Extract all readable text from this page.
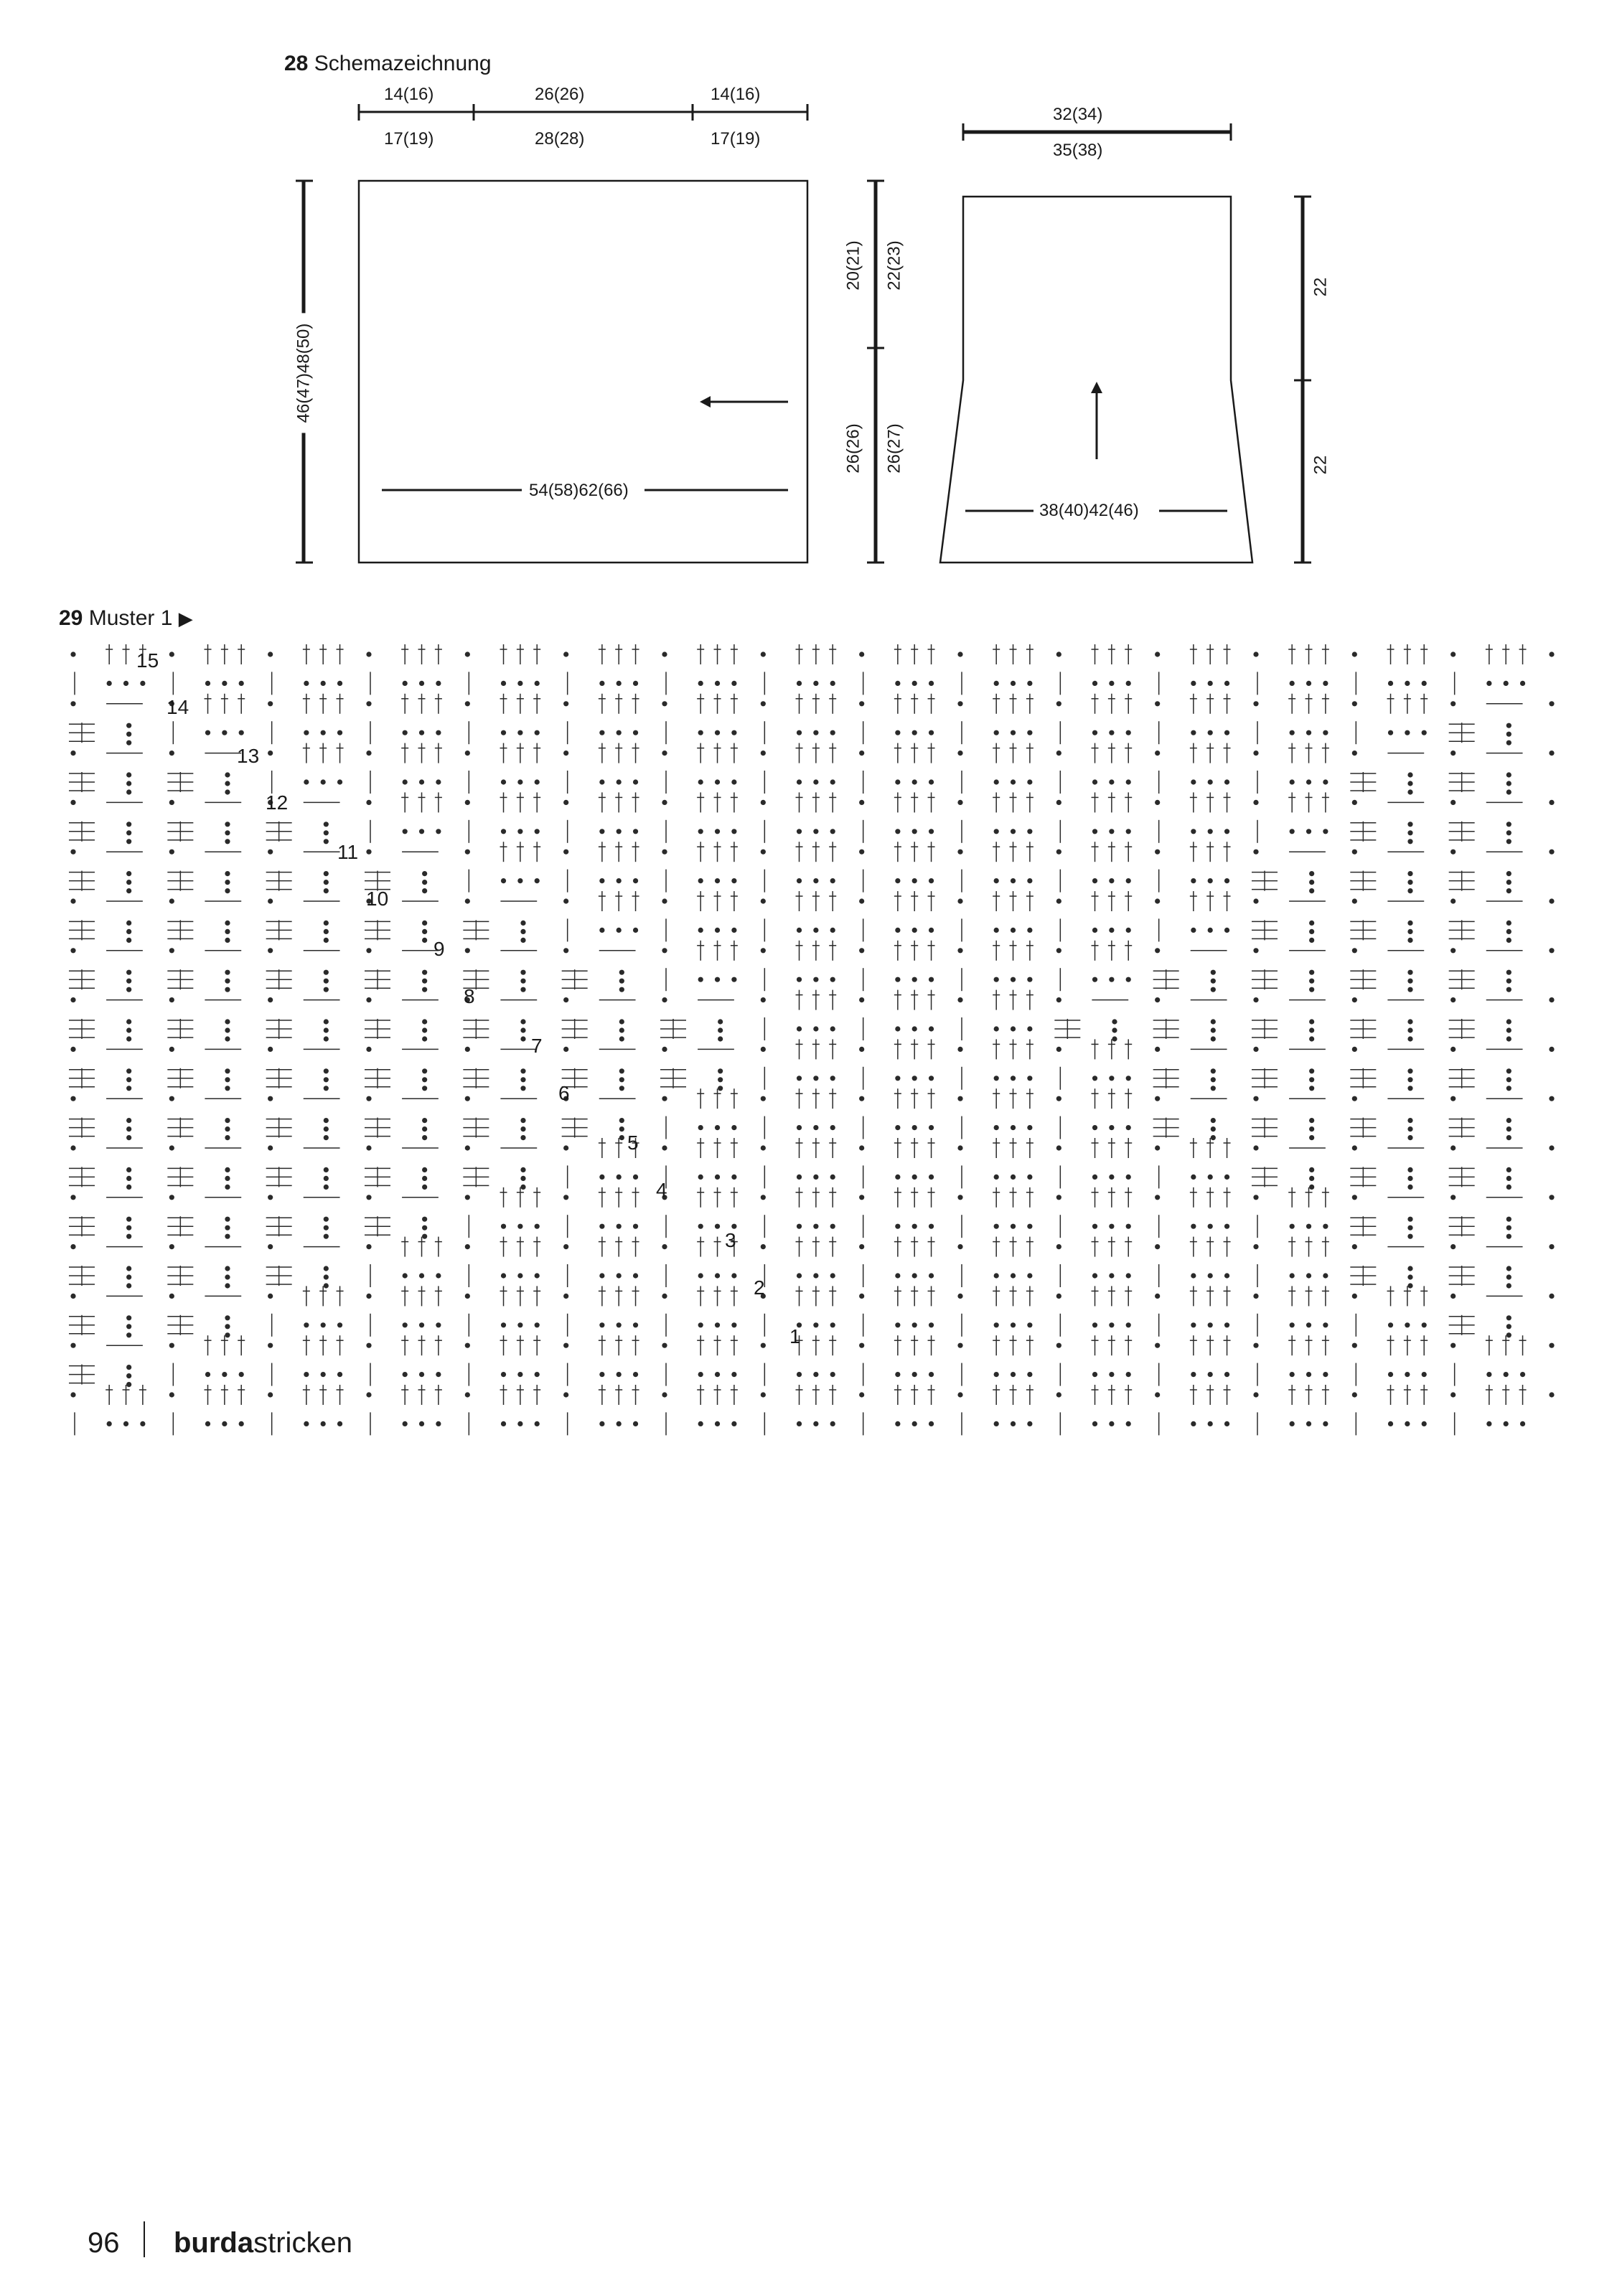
28 Schemazeichnung
14(16)	26(26)	14(16)
17(19)	28(28)	17(19)
46(47)48(50)
54(58)62(66)
20(21) 22(23)
26(26) 26(27)
32(34)
35(38)
38(40)42(46)
22
22
29 Muster 1 ▶
15
14
13
12
11
10
9
8
7
6
5
4
3
2
1
96 burdastricken
